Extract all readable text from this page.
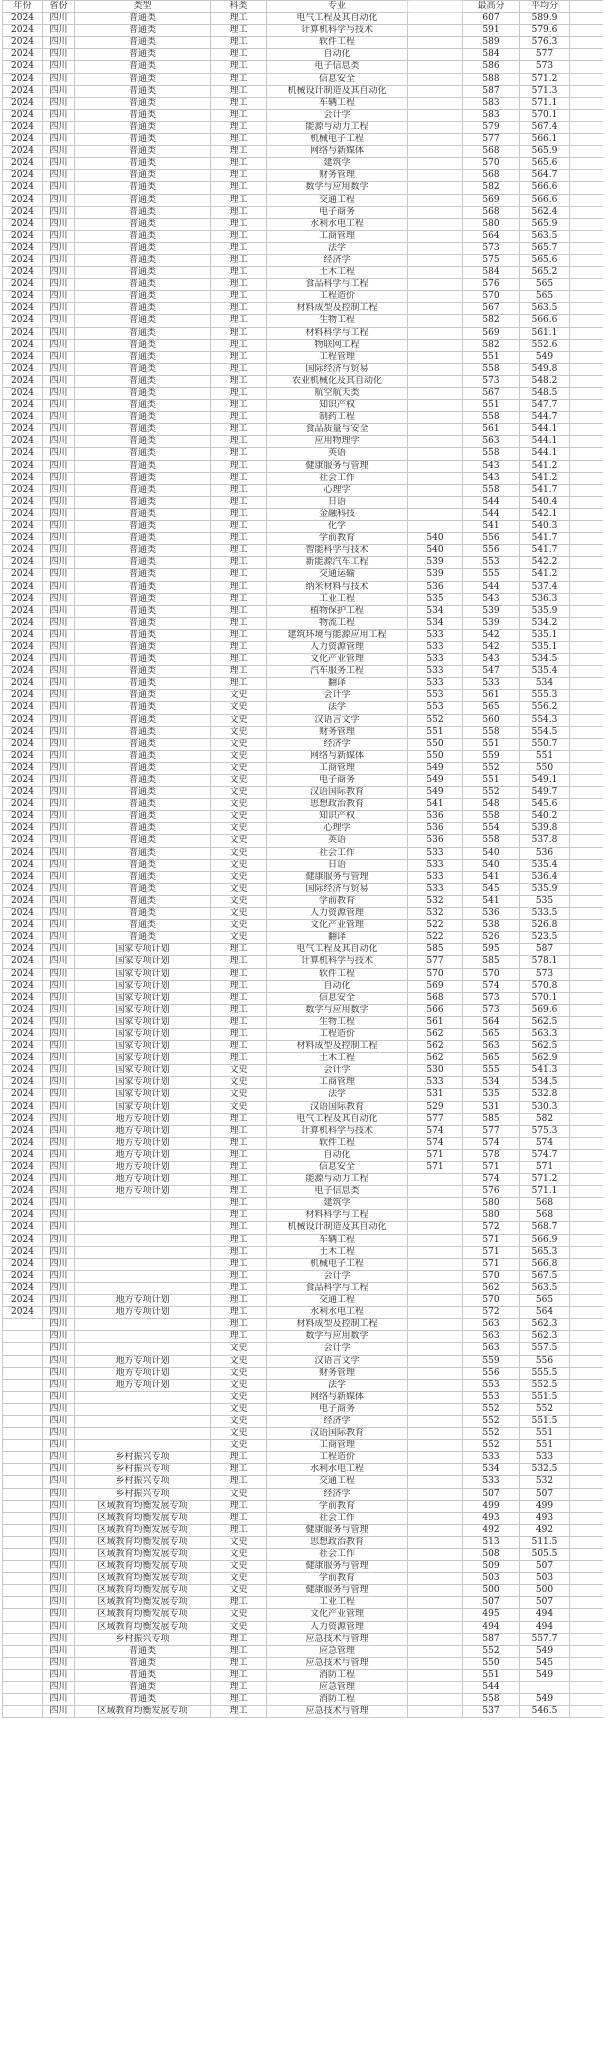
年份	省份	类型	科类	专业		最高分	平均分	
2024	四川	普通类	理工	电气工程及其自动化		607	589.9	
2024	四川	普通类	理工	计算机科学与技术		591	579.6	
2024	四川	普通类	理工	软件工程		589	576.3	
2024	四川	普通类	理工	自动化		584	577	
2024	四川	普通类	理工	电子信息类		586	573	
2024	四川	普通类	理工	信息安全		588	571.2	
2024	四川	普通类	理工	机械设计制造及其自动化		587	571.3	
2024	四川	普通类	理工	车辆工程		583	571.1	
2024	四川	普通类	理工	会计学		583	570.1	
2024	四川	普通类	理工	能源与动力工程		579	567.4	
2024	四川	普通类	理工	机械电子工程		577	566.1	
2024	四川	普通类	理工	网络与新媒体		568	565.9	
2024	四川	普通类	理工	建筑学		570	565.6	
2024	四川	普通类	理工	财务管理		568	564.7	
2024	四川	普通类	理工	数学与应用数学		582	566.6	
2024	四川	普通类	理工	交通工程		569	566.6	
2024	四川	普通类	理工	电子商务		568	562.4	
2024	四川	普通类	理工	水利水电工程		580	565.9	
2024	四川	普通类	理工	工商管理		564	563.5	
2024	四川	普通类	理工	法学		573	565.7	
2024	四川	普通类	理工	经济学		575	565.6	
2024	四川	普通类	理工	土木工程		584	565.2	
2024	四川	普通类	理工	食品科学与工程		576	565	
2024	四川	普通类	理工	工程造价		570	565	
2024	四川	普通类	理工	材料成型及控制工程		567	563.5	
2024	四川	普通类	理工	生物工程		582	566.6	
2024	四川	普通类	理工	材料科学与工程		569	561.1	
2024	四川	普通类	理工	物联网工程		582	552.6	
2024	四川	普通类	理工	工程管理		551	549	
2024	四川	普通类	理工	国际经济与贸易		558	549.8	
2024	四川	普通类	理工	农业机械化及其自动化		573	548.2	
2024	四川	普通类	理工	航空航天类		567	548.5	
2024	四川	普通类	理工	知识产权		551	547.7	
2024	四川	普通类	理工	制药工程		558	544.7	
2024	四川	普通类	理工	食品质量与安全		561	544.1	
2024	四川	普通类	理工	应用物理学		563	544.1	
2024	四川	普通类	理工	英语		558	544.1	
2024	四川	普通类	理工	健康服务与管理		543	541.2	
2024	四川	普通类	理工	社会工作		543	541.2	
2024	四川	普通类	理工	心理学		558	541.7	
2024	四川	普通类	理工	日语		544	540.4	
2024	四川	普通类	理工	金融科技		544	542.1	
2024	四川	普通类	理工	化学		541	540.3	
2024	四川	普通类	理工	学前教育	540	556	541.7	
2024	四川	普通类	理工	智能科学与技术	540	556	541.7	
2024	四川	普通类	理工	新能源汽车工程	539	553	542.2	
2024	四川	普通类	理工	交通运输	539	555	541.2	
2024	四川	普通类	理工	纳米材料与技术	536	544	537.4	
2024	四川	普通类	理工	工业工程	535	543	536.3	
2024	四川	普通类	理工	植物保护工程	534	539	535.9	
2024	四川	普通类	理工	物流工程	534	539	534.2	
2024	四川	普通类	理工	建筑环境与能源应用工程	533	542	535.1	
2024	四川	普通类	理工	人力资源管理	533	542	535.1	
2024	四川	普通类	理工	文化产业管理	533	543	534.5	
2024	四川	普通类	理工	汽车服务工程	533	547	535.4	
2024	四川	普通类	理工	翻译	533	533	534	
2024	四川	普通类	文史	会计学	553	561	555.3	
2024	四川	普通类	文史	法学	553	565	556.2	
2024	四川	普通类	文史	汉语言文学	552	560	554.3	
2024	四川	普通类	文史	财务管理	551	558	554.5	
2024	四川	普通类	文史	经济学	550	551	550.7	
2024	四川	普通类	文史	网络与新媒体	550	559	551	
2024	四川	普通类	文史	工商管理	549	552	550	
2024	四川	普通类	文史	电子商务	549	551	549.1	
2024	四川	普通类	文史	汉语国际教育	549	552	549.7	
2024	四川	普通类	文史	思想政治教育	541	548	545.6	
2024	四川	普通类	文史	知识产权	536	558	540.2	
2024	四川	普通类	文史	心理学	536	554	539.8	
2024	四川	普通类	文史	英语	536	558	537.8	
2024	四川	普通类	文史	社会工作	533	540	536	
2024	四川	普通类	文史	日语	533	540	535.4	
2024	四川	普通类	文史	健康服务与管理	533	541	536.4	
2024	四川	普通类	文史	国际经济与贸易	533	545	535.9	
2024	四川	普通类	文史	学前教育	532	541	535	
2024	四川	普通类	文史	人力资源管理	532	536	533.5	
2024	四川	普通类	文史	文化产业管理	522	538	526.8	
2024	四川	普通类	文史	翻译	522	526	523.5	
2024	四川	国家专项计划	理工	电气工程及其自动化	585	595	587	
2024	四川	国家专项计划	理工	计算机科学与技术	577	585	578.1	
2024	四川	国家专项计划	理工	软件工程	570	570	573	
2024	四川	国家专项计划	理工	自动化	569	574	570.8	
2024	四川	国家专项计划	理工	信息安全	568	573	570.1	
2024	四川	国家专项计划	理工	数学与应用数学	566	573	569.6	
2024	四川	国家专项计划	理工	生物工程	561	564	562.5	
2024	四川	国家专项计划	理工	工程造价	562	565	563.3	
2024	四川	国家专项计划	理工	材料成型及控制工程	562	563	562.5	
2024	四川	国家专项计划	理工	土木工程	562	565	562.9	
2024	四川	国家专项计划	文史	会计学	530	555	541.3	
2024	四川	国家专项计划	文史	工商管理	533	534	534.5	
2024	四川	国家专项计划	文史	法学	531	535	532.8	
2024	四川	国家专项计划	文史	汉语国际教育	529	531	530.3	
2024	四川	地方专项计划	理工	电气工程及其自动化	577	585	582	
2024	四川	地方专项计划	理工	计算机科学与技术	574	577	575.3	
2024	四川	地方专项计划	理工	软件工程	574	574	574	
2024	四川	地方专项计划	理工	自动化	571	578	574.7	
2024	四川	地方专项计划	理工	信息安全	571	571	571	
2024	四川	地方专项计划	理工	能源与动力工程		574	571.2	
2024	四川	地方专项计划	理工	电子信息类		576	571.1	
2024	四川		理工	建筑学		580	568	
2024	四川		理工	材料科学与工程		580	568	
2024	四川		理工	机械设计制造及其自动化		572	568.7	
2024	四川		理工	车辆工程		571	566.9	
2024	四川		理工	土木工程		571	565.3	
2024	四川		理工	机械电子工程		571	566.8	
2024	四川		理工	会计学		570	567.5	
2024	四川		理工	食品科学与工程		562	563.5	
2024	四川	地方专项计划	理工	交通工程		570	565	
2024	四川	地方专项计划	理工	水利水电工程		572	564	
	四川		理工	材料成型及控制工程		563	562.3	
	四川		理工	数学与应用数学		563	562.3	
	四川		文史	会计学		563	557.5	
	四川	地方专项计划	文史	汉语言文学		559	556	
	四川	地方专项计划	文史	财务管理		556	555.5	
	四川	地方专项计划	文史	法学		553	552.5	
	四川		文史	网络与新媒体		553	551.5	
	四川		文史	电子商务		552	552	
	四川		文史	经济学		552	551.5	
	四川		文史	汉语国际教育		552	551	
	四川		文史	工商管理		552	551	
	四川	乡村振兴专项	理工	工程造价		533	533	
	四川	乡村振兴专项	理工	水利水电工程		534	532.5	
	四川	乡村振兴专项	理工	交通工程		533	532	
	四川	乡村振兴专项	文史	经济学		507	507	
	四川	区域教育均衡发展专项	理工	学前教育		499	499	
	四川	区域教育均衡发展专项	理工	社会工作		493	493	
	四川	区域教育均衡发展专项	理工	健康服务与管理		492	492	
	四川	区域教育均衡发展专项	文史	思想政治教育		513	511.5	
	四川	区域教育均衡发展专项	文史	社会工作		508	505.5	
	四川	区域教育均衡发展专项	文史	健康服务与管理		509	507	
	四川	区域教育均衡发展专项	文史	学前教育		503	503	
	四川	区域教育均衡发展专项	文史	健康服务与管理		500	500	
	四川	区域教育均衡发展专项	理工	工业工程		507	507	
	四川	区域教育均衡发展专项	文史	文化产业管理		495	494	
	四川	区域教育均衡发展专项	文史	人力资源管理		494	494	
	四川	乡村振兴专项	理工	应急技术与管理		587	557.7	
	四川	普通类	理工	应急管理		552	549	
	四川	普通类	理工	应急技术与管理		550	545	
	四川	普通类	理工	消防工程		551	549	
	四川	普通类	理工	应急管理		544		
	四川	普通类	理工	消防工程		558	549	
	四川	区域教育均衡发展专项	理工	应急技术与管理		537	546.5	
